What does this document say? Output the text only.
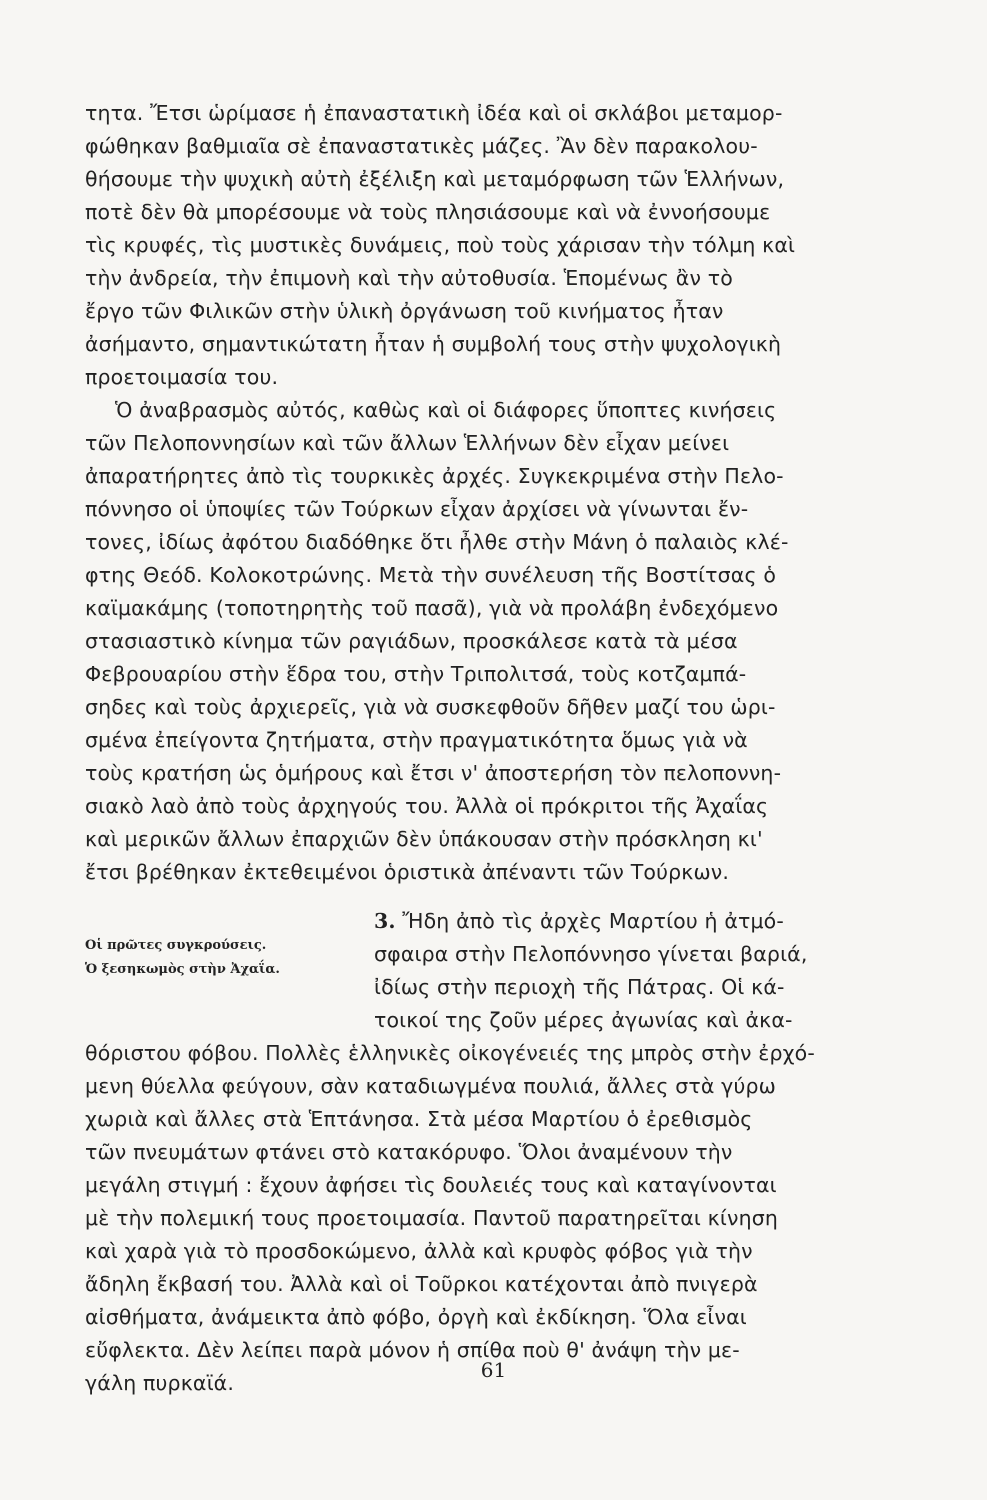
τητα. Ἔτσι ὡρίμασε ἡ ἐπαναστατικὴ ἰδέα καὶ οἱ σκλάβοι μεταμορ-
φώθηκαν βαθμιαῖα σὲ ἐπαναστατικὲς μάζες. Ἂν δὲν παρακολου-
θήσουμε τὴν ψυχικὴ αὐτὴ ἐξέλιξη καὶ μεταμόρφωση τῶν Ἑλλήνων,
ποτὲ δὲν θὰ μπορέσουμε νὰ τοὺς πλησιάσουμε καὶ νὰ ἐννοήσουμε
τὶς κρυφές, τὶς μυστικὲς δυνάμεις, ποὺ τοὺς χάρισαν τὴν τόλμη καὶ
τὴν ἀνδρεία, τὴν ἐπιμονὴ καὶ τὴν αὐτοθυσία. Ἑπομένως ἂν τὸ
ἔργο τῶν Φιλικῶν στὴν ὑλικὴ ὀργάνωση τοῦ κινήματος ἦταν
ἀσήμαντο, σημαντικώτατη ἦταν ἡ συμβολή τους στὴν ψυχολογικὴ
προετοιμασία του.
Ὁ ἀναβρασμὸς αὐτός, καθὼς καὶ οἱ διάφορες ὕποπτες κινήσεις
τῶν Πελοποννησίων καὶ τῶν ἄλλων Ἑλλήνων δὲν εἶχαν μείνει
ἀπαρατήρητες ἀπὸ τὶς τουρκικὲς ἀρχές. Συγκεκριμένα στὴν Πελο-
πόννησο οἱ ὑποψίες τῶν Τούρκων εἶχαν ἀρχίσει νὰ γίνωνται ἔν-
τονες, ἰδίως ἀφότου διαδόθηκε ὅτι ἦλθε στὴν Μάνη ὁ παλαιὸς κλέ-
φτης Θεόδ. Κολοκοτρώνης. Μετὰ τὴν συνέλευση τῆς Βοστίτσας ὁ
καϊμακάμης (τοποτηρητὴς τοῦ πασᾶ), γιὰ νὰ προλάβη ἐνδεχόμενο
στασιαστικὸ κίνημα τῶν ραγιάδων, προσκάλεσε κατὰ τὰ μέσα
Φεβρουαρίου στὴν ἕδρα του, στὴν Τριπολιτσά, τοὺς κοτζαμπά-
σηδες καὶ τοὺς ἀρχιερεῖς, γιὰ νὰ συσκεφθοῦν δῆθεν μαζί του ὡρι-
σμένα ἐπείγοντα ζητήματα, στὴν πραγματικότητα ὅμως γιὰ νὰ
τοὺς κρατήση ὡς ὁμήρους καὶ ἔτσι ν' ἀποστερήση τὸν πελοποννη-
σιακὸ λαὸ ἀπὸ τοὺς ἀρχηγούς του. Ἀλλὰ οἱ πρόκριτοι τῆς Ἀχαΐας
καὶ μερικῶν ἄλλων ἐπαρχιῶν δὲν ὑπάκουσαν στὴν πρόσκληση κι'
ἔτσι βρέθηκαν ἐκτεθειμένοι ὁριστικὰ ἀπέναντι τῶν Τούρκων.
3. Ἤδη ἀπὸ τὶς ἀρχὲς Μαρτίου ἡ ἀτμό-
σφαιρα στὴν Πελοπόννησο γίνεται βαριά,
ἰδίως στὴν περιοχὴ τῆς Πάτρας. Οἱ κά-
τοικοί της ζοῦν μέρες ἀγωνίας καὶ ἀκα-
Οἱ πρῶτες συγκρούσεις.
Ὁ ξεσηκωμὸς στὴν Ἀχαΐα.
θόριστου φόβου. Πολλὲς ἑλληνικὲς οἰκογένειές της μπρὸς στὴν ἐρχό-
μενη θύελλα φεύγουν, σὰν καταδιωγμένα πουλιά, ἄλλες στὰ γύρω
χωριὰ καὶ ἄλλες στὰ Ἑπτάνησα. Στὰ μέσα Μαρτίου ὁ ἐρεθισμὸς
τῶν πνευμάτων φτάνει στὸ κατακόρυφο. Ὅλοι ἀναμένουν τὴν
μεγάλη στιγμή : ἔχουν ἀφήσει τὶς δουλειές τους καὶ καταγίνονται
μὲ τὴν πολεμική τους προετοιμασία. Παντοῦ παρατηρεῖται κίνηση
καὶ χαρὰ γιὰ τὸ προσδοκώμενο, ἀλλὰ καὶ κρυφὸς φόβος γιὰ τὴν
ἄδηλη ἔκβασή του. Ἀλλὰ καὶ οἱ Τοῦρκοι κατέχονται ἀπὸ πνιγερὰ
αἰσθήματα, ἀνάμεικτα ἀπὸ φόβο, ὀργὴ καὶ ἐκδίκηση. Ὅλα εἶναι
εὔφλεκτα. Δὲν λείπει παρὰ μόνον ἡ σπίθα ποὺ θ' ἀνάψη τὴν με-
γάλη πυρκαϊά.
61
